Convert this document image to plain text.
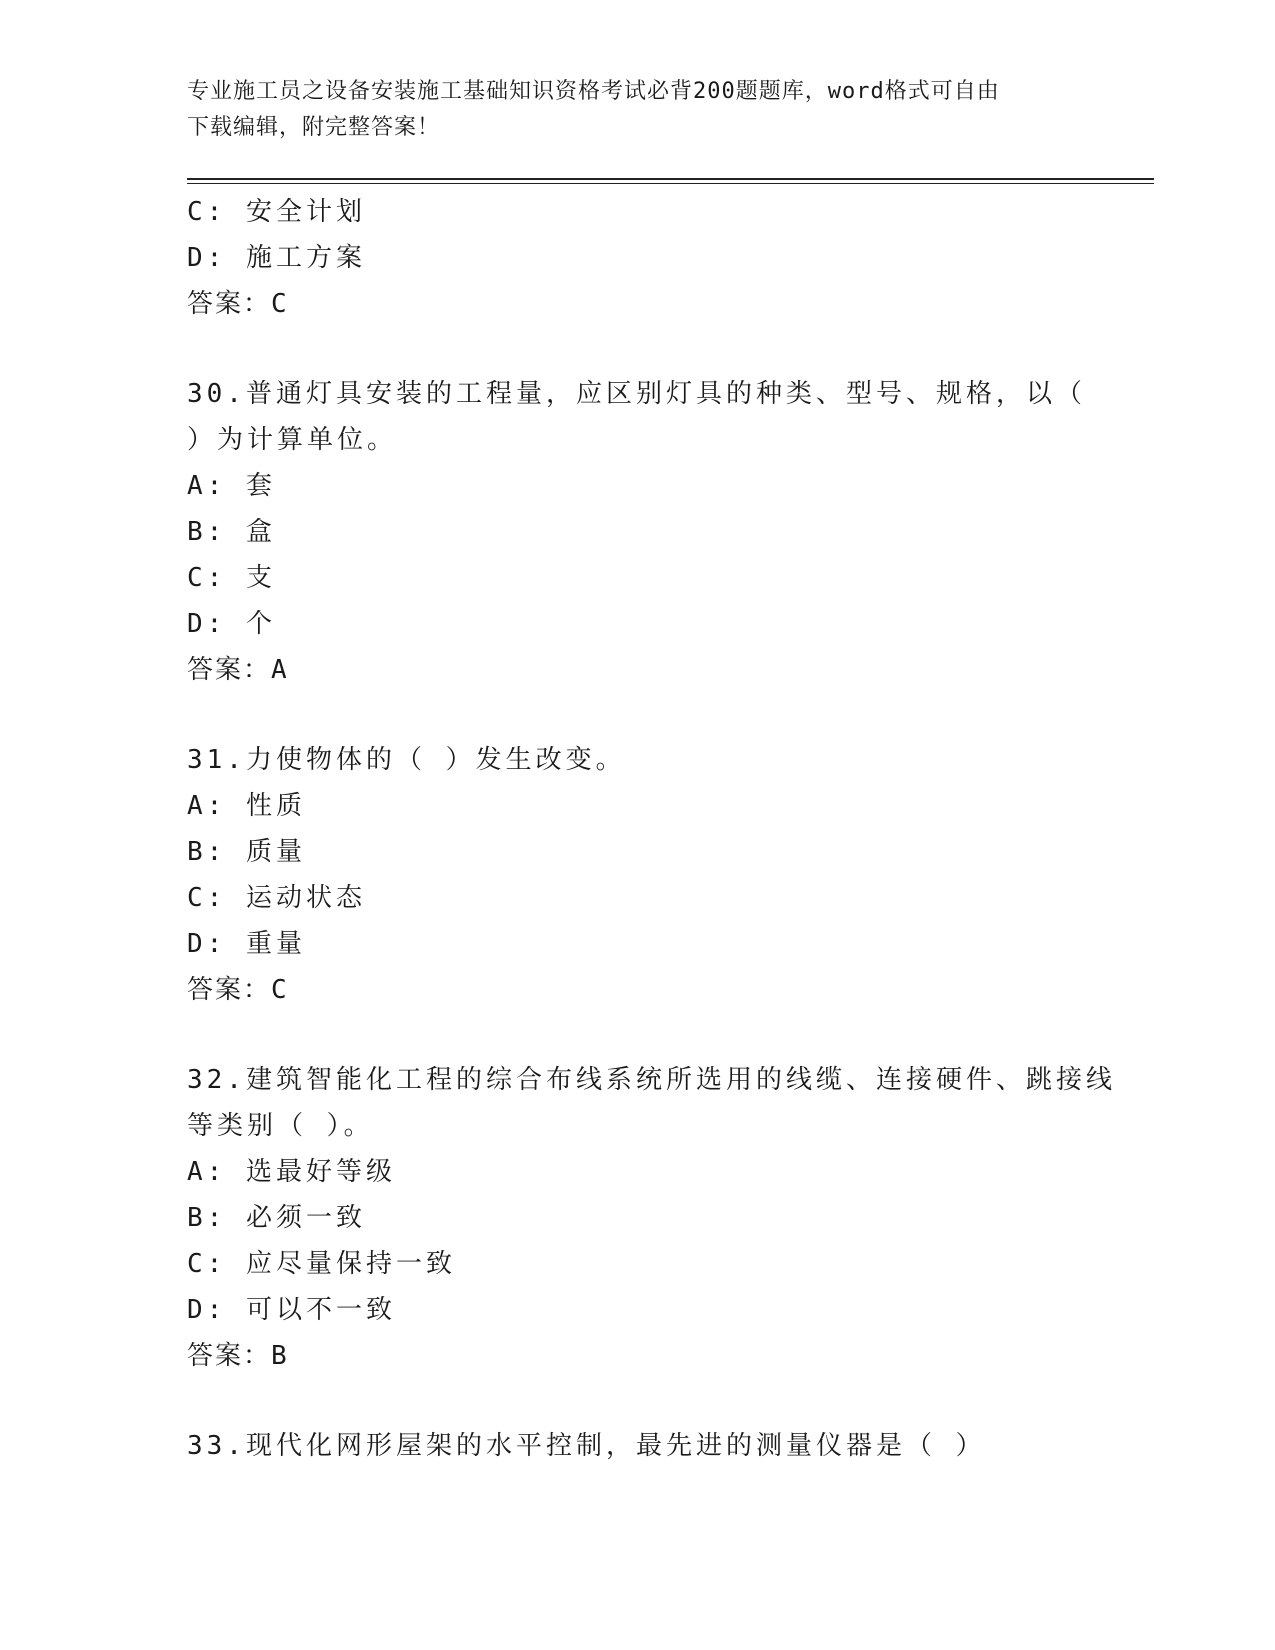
专业施工员之设备安装施工基础知识资格考试必背200题题库，word格式可自由
下载编辑，附完整答案！
C: 安全计划
D: 施工方案
答案：C
30.普通灯具安装的工程量，应区别灯具的种类、型号、规格，以（
）为计算单位。
A: 套
B: 盒
C: 支
D: 个
答案：A
31.力使物体的（ ）发生改变。
A: 性质
B: 质量
C: 运动状态
D: 重量
答案：C
32.建筑智能化工程的综合布线系统所选用的线缆、连接硬件、跳接线
等类别（ ）。
A: 选最好等级
B: 必须一致
C: 应尽量保持一致
D: 可以不一致
答案：B
33.现代化网形屋架的水平控制，最先进的测量仪器是（ ）
